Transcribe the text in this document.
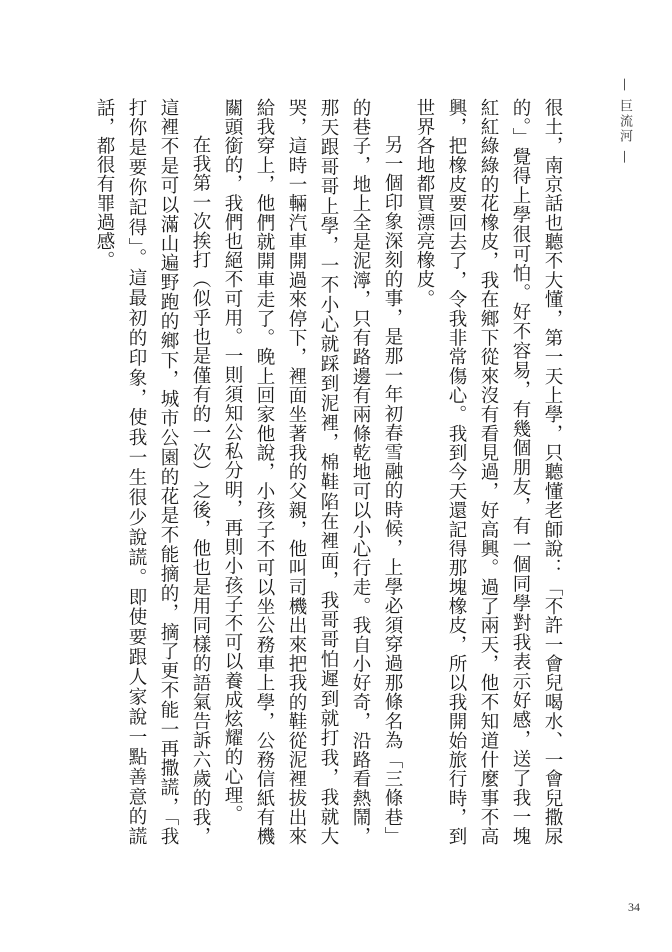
— 巨流河 —

很土，南京話也聽不大懂，第一天上學，只聽懂老師說：「不許一會兒喝水、一會兒撒尿的。」覺得上學很可怕。好不容易，有幾個朋友，有一個同學對我表示好感，送了我一塊紅紅綠綠的花橡皮，我在鄉下從來沒有看見過，好高興。過了兩天，他不知道什麼事不高興，把橡皮要回去了，令我非常傷心。我到今天還記得那塊橡皮，所以我開始旅行時，到世界各地都買漂亮橡皮。

另一個印象深刻的事，是那一年初春雪融的時候，上學必須穿過那條名為「三條巷」的巷子，地上全是泥濘，只有路邊有兩條乾地可以小心行走。我自小好奇，沿路看熱鬧，那天跟哥哥上學，一不小心就踩到泥裡，棉鞋陷在裡面，我哥哥怕遲到就打我，我就大哭，這時一輛汽車開過來停下，裡面坐著我的父親，他叫司機出來把我的鞋從泥裡拔出來給我穿上，他們就開車走了。晚上回家他說，小孩子不可以坐公務車上學，公務信紙有機關頭銜的，我們也絕不可用。一則須知公私分明，再則小孩子不可以養成炫耀的心理。

在我第一次挨打（似乎也是僅有的一次）之後，他也是用同樣的語氣告訴六歲的我，這裡不是可以滿山遍野跑的鄉下，城市公園的花是不能摘的，摘了更不能一再撒謊，「我打你是要你記得」。這最初的印象，使我一生很少說謊。即使要跟人家說一點善意的謊話，都很有罪過感。

34
